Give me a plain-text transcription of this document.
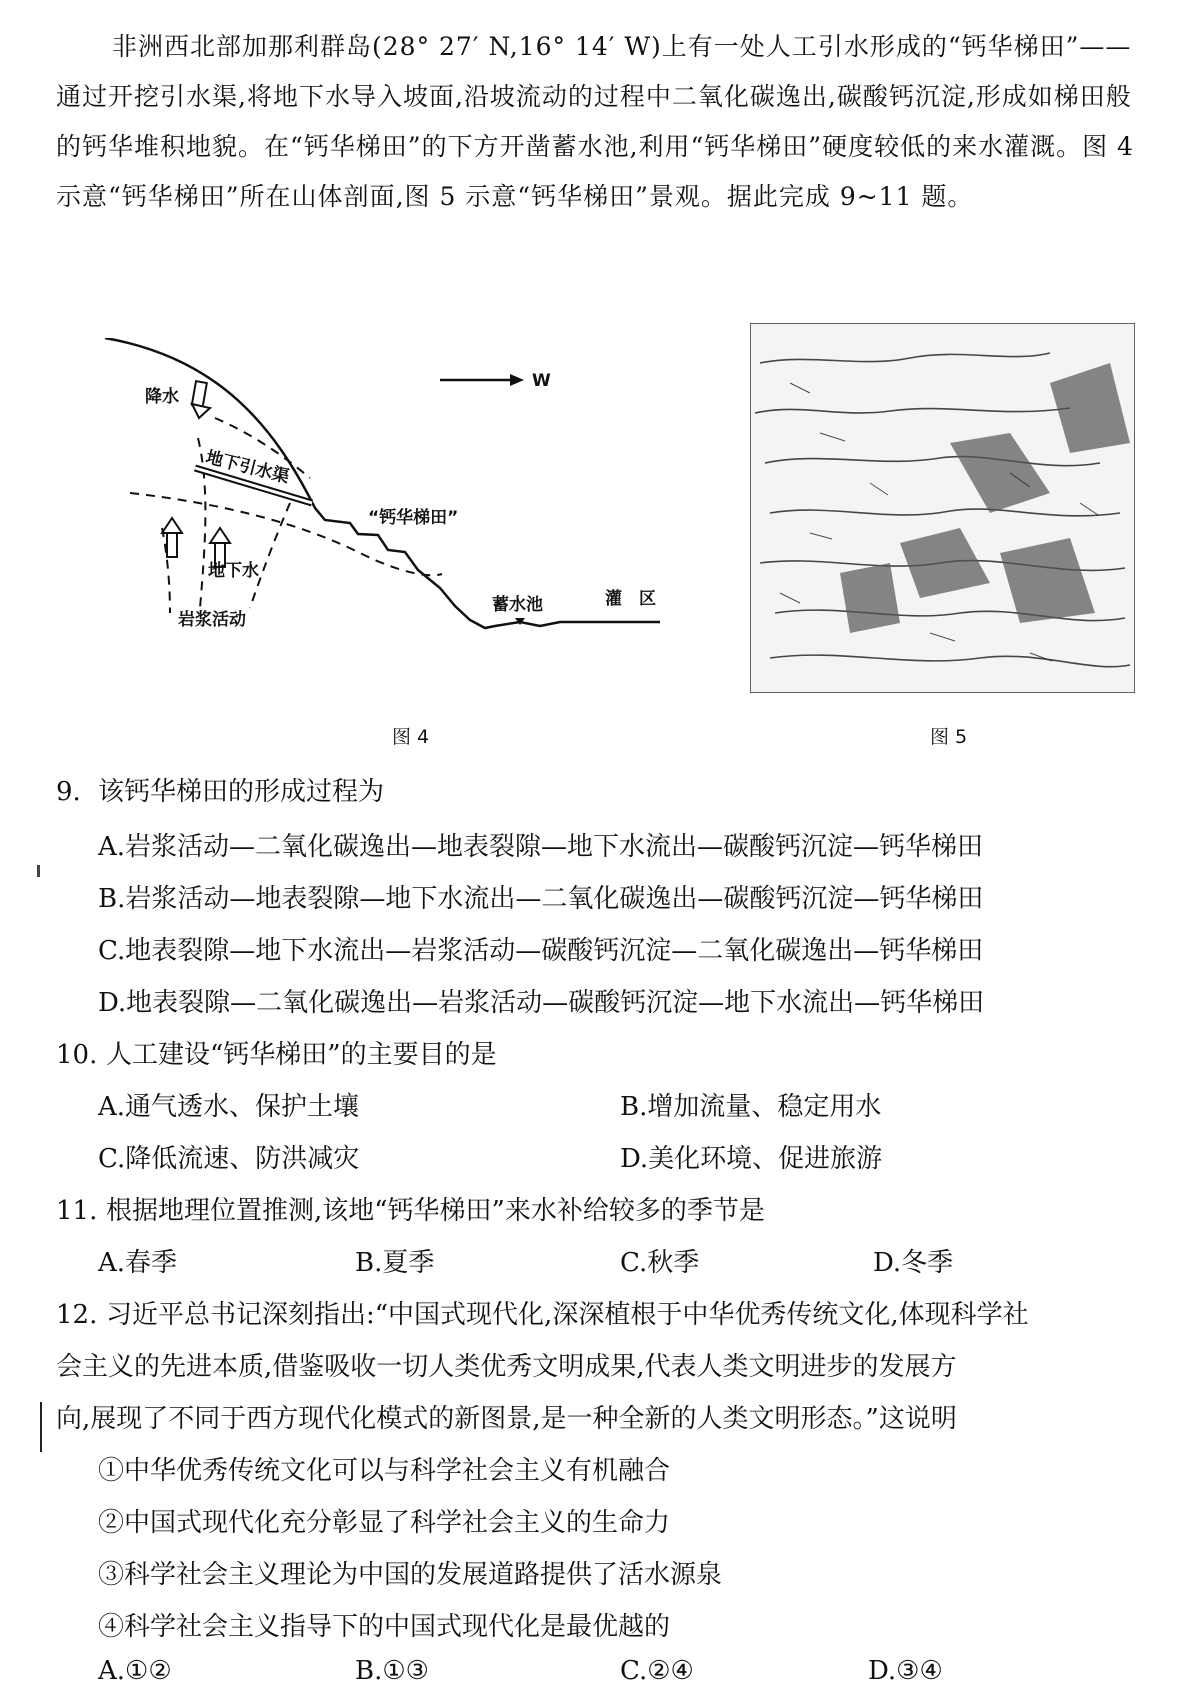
非洲西北部加那利群岛(28° 27′ N,16° 14′ W)上有一处人工引水形成的“钙华梯田”——通过开挖引水渠,将地下水导入坡面,沿坡流动的过程中二氧化碳逸出,碳酸钙沉淀,形成如梯田般的钙华堆积地貌。在“钙华梯田”的下方开凿蓄水池,利用“钙华梯田”硬度较低的来水灌溉。图 4 示意“钙华梯田”所在山体剖面,图 5 示意“钙华梯田”景观。据此完成 9~11 题。
W
降水
地下引水渠
“钙华梯田”
地下水
岩浆活动
蓄水池	灌　区
图 4	图 5
9. 该钙华梯田的形成过程为
A.岩浆活动—二氧化碳逸出—地表裂隙—地下水流出—碳酸钙沉淀—钙华梯田
B.岩浆活动—地表裂隙—地下水流出—二氧化碳逸出—碳酸钙沉淀—钙华梯田
C.地表裂隙—地下水流出—岩浆活动—碳酸钙沉淀—二氧化碳逸出—钙华梯田
D.地表裂隙—二氧化碳逸出—岩浆活动—碳酸钙沉淀—地下水流出—钙华梯田
10. 人工建设“钙华梯田”的主要目的是
A.通气透水、保护土壤	B.增加流量、稳定用水
C.降低流速、防洪减灾	D.美化环境、促进旅游
11. 根据地理位置推测,该地“钙华梯田”来水补给较多的季节是
A.春季	B.夏季	C.秋季	D.冬季
12. 习近平总书记深刻指出:“中国式现代化,深深植根于中华优秀传统文化,体现科学社
会主义的先进本质,借鉴吸收一切人类优秀文明成果,代表人类文明进步的发展方
向,展现了不同于西方现代化模式的新图景,是一种全新的人类文明形态。”这说明
①中华优秀传统文化可以与科学社会主义有机融合
②中国式现代化充分彰显了科学社会主义的生命力
③科学社会主义理论为中国的发展道路提供了活水源泉
④科学社会主义指导下的中国式现代化是最优越的
A.①②	B.①③	C.②④	D.③④
